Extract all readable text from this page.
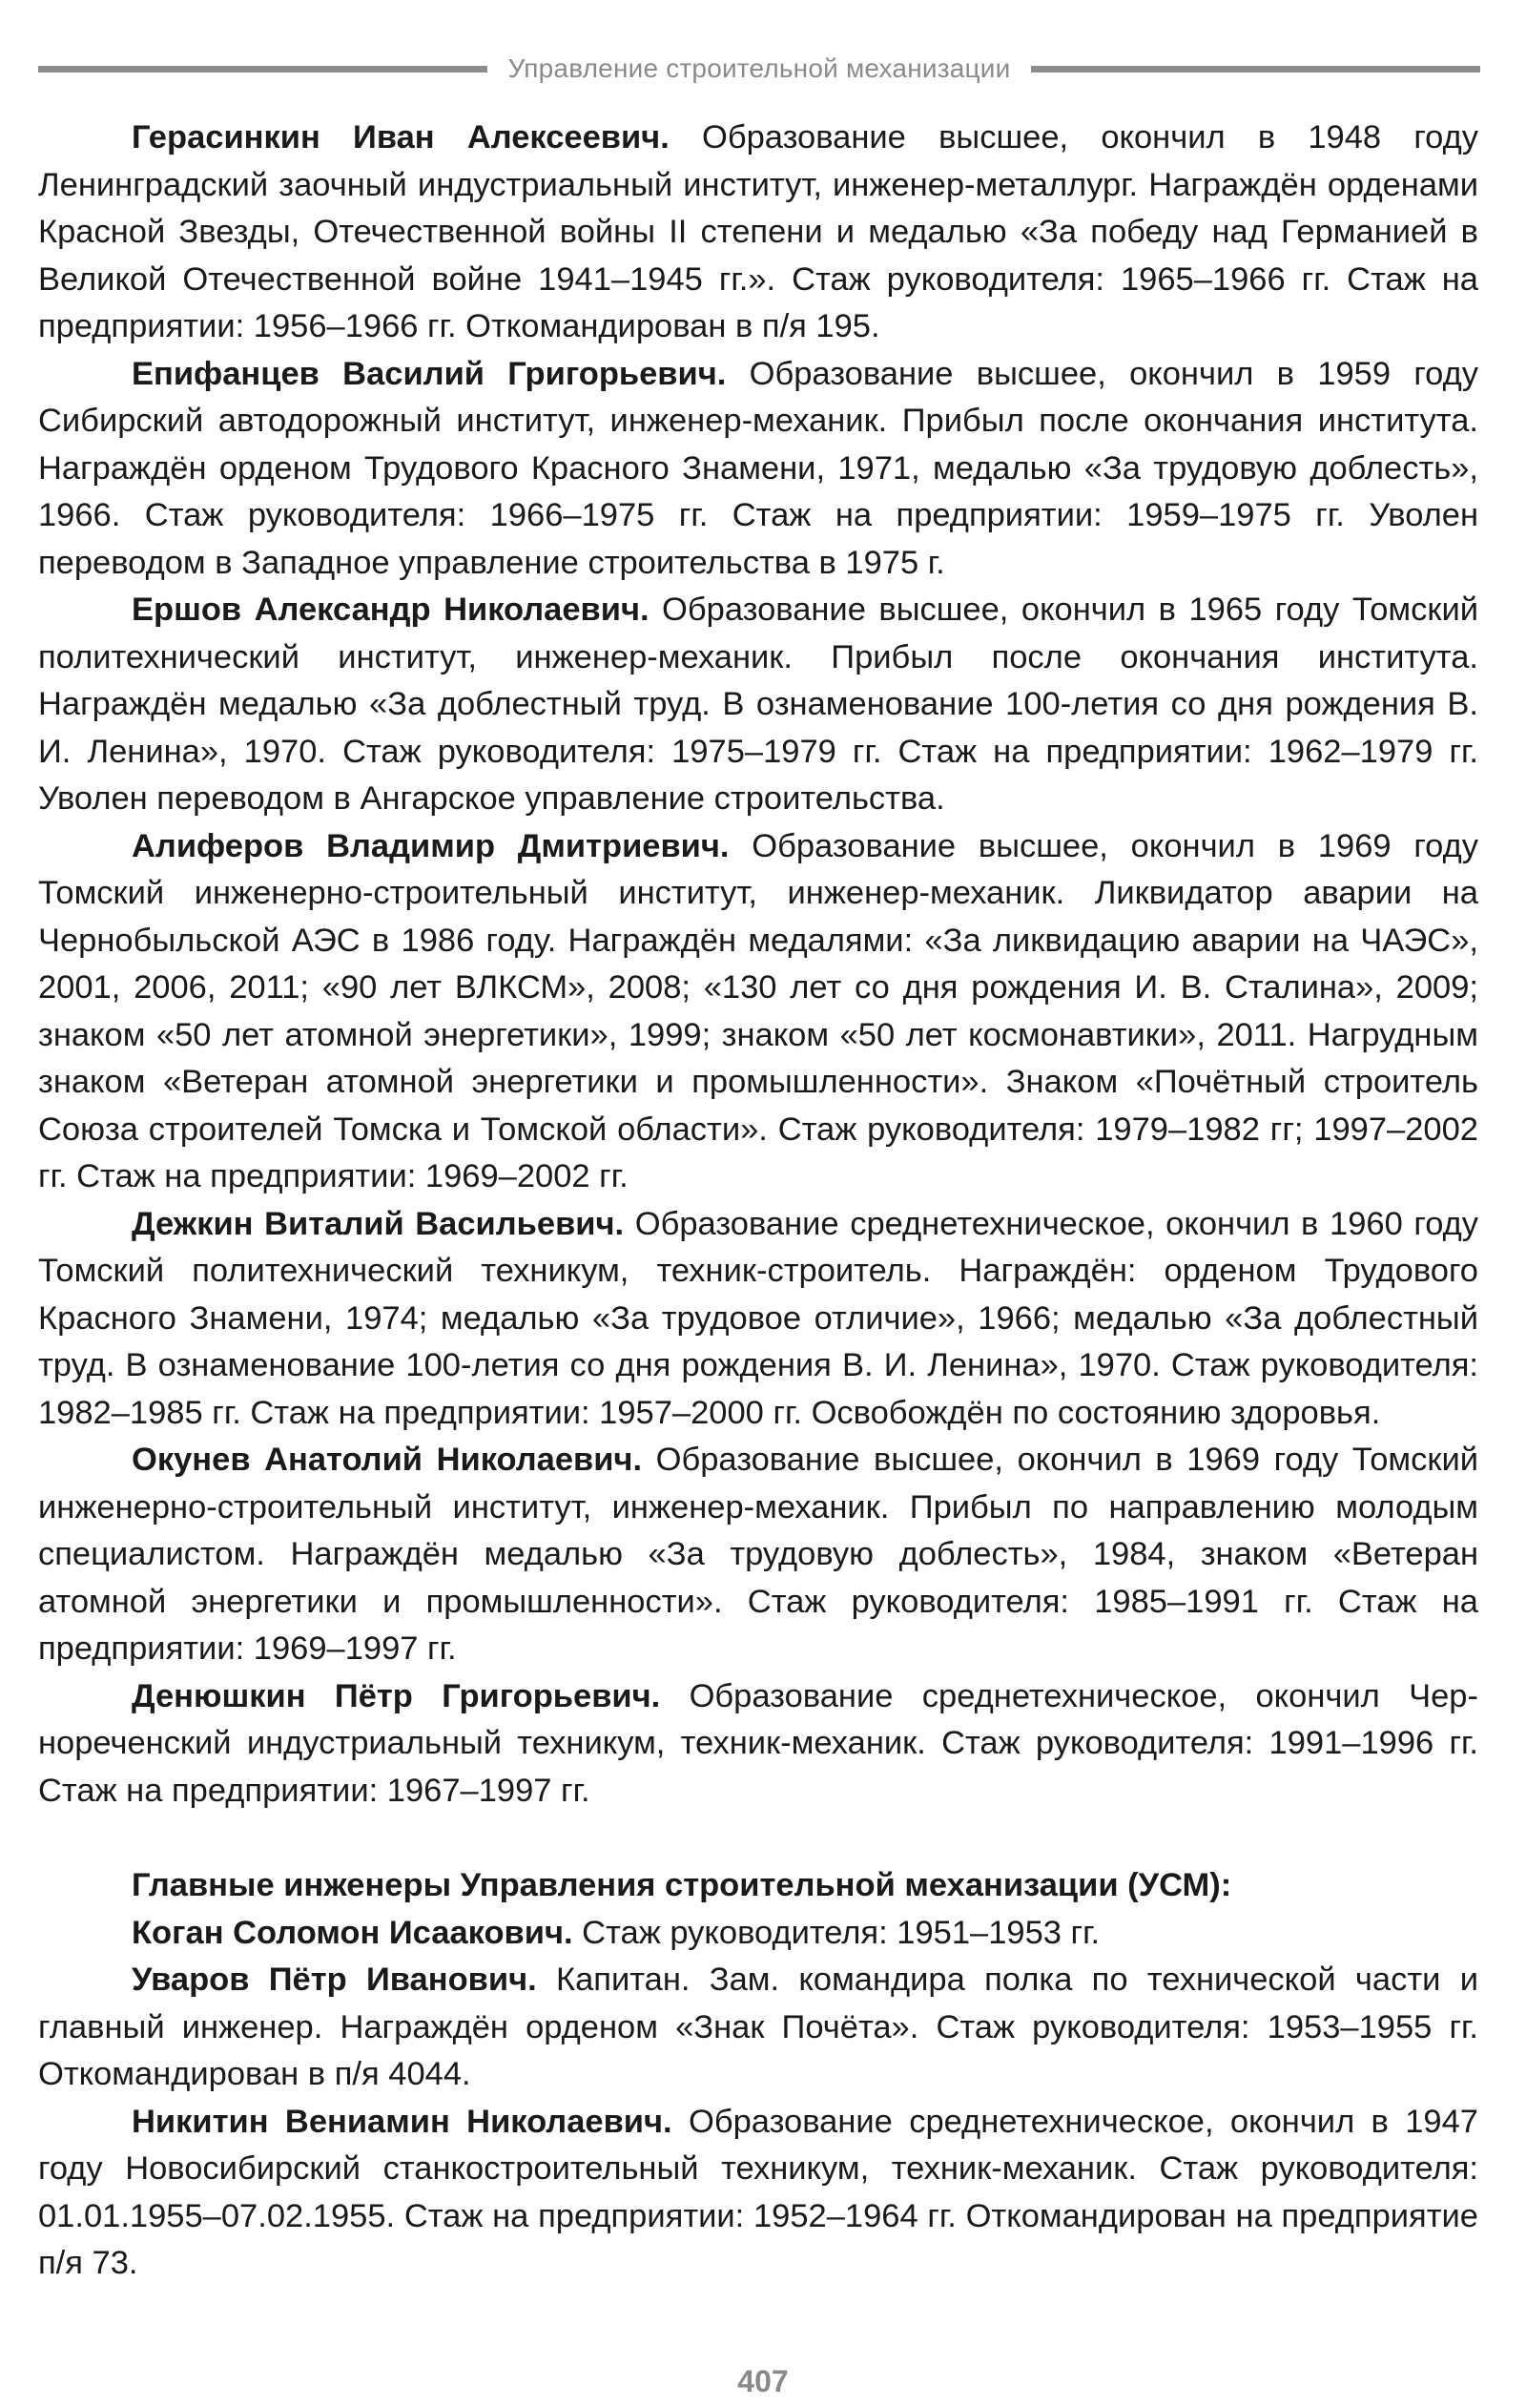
Управление строительной механизации

Герасинкин Иван Алексеевич. Образование высшее, окончил в 1948 году Ленинградский заочный индустриальный институт, инженер-металлург. Награждён орденами Красной Звезды, Отечественной войны II степени и медалью «За победу над Германией в Великой Отечественной войне 1941–1945 гг.». Стаж руководителя: 1965–1966 гг. Стаж на предприятии: 1956–1966 гг. Откомандирован в п/я 195.

Епифанцев Василий Григорьевич. Образование высшее, окончил в 1959 году Сибирский автодорожный институт, инженер-механик. Прибыл после окончания института. Награждён орденом Трудового Красного Знамени, 1971, медалью «За трудовую доблесть», 1966. Стаж руководителя: 1966–1975 гг. Стаж на предприятии: 1959–1975 гг. Уволен переводом в Западное управление строительства в 1975 г.

Ершов Александр Николаевич. Образование высшее, окончил в 1965 году Томский политехнический институт, инженер-механик. Прибыл после окончания института. Награждён медалью «За доблестный труд. В ознаменование 100-летия со дня рождения В. И. Ленина», 1970. Стаж руководителя: 1975–1979 гг. Стаж на предприятии: 1962–1979 гг. Уволен переводом в Ангарское управление строительства.

Алиферов Владимир Дмитриевич. Образование высшее, окончил в 1969 году Томский инженерно-строительный институт, инженер-механик. Ликвидатор аварии на Чернобыльской АЭС в 1986 году. Награждён медалями: «За ликвидацию аварии на ЧАЭС», 2001, 2006, 2011; «90 лет ВЛКСМ», 2008; «130 лет со дня рождения И. В. Сталина», 2009; знаком «50 лет атомной энергетики», 1999; знаком «50 лет космонавтики», 2011. Нагрудным знаком «Ветеран атомной энергетики и промышленности». Знаком «Почётный строитель Союза строителей Томска и Томской области». Стаж руководителя: 1979–1982 гг; 1997–2002 гг. Стаж на предприятии: 1969–2002 гг.

Дежкин Виталий Васильевич. Образование среднетехническое, окончил в 1960 году Томский политехнический техникум, техник-строитель. Награждён: орденом Трудового Красного Знамени, 1974; медалью «За трудовое отличие», 1966; медалью «За доблестный труд. В ознаменование 100-летия со дня рождения В. И. Ленина», 1970. Стаж руководителя: 1982–1985 гг. Стаж на предприятии: 1957–2000 гг. Освобождён по состоянию здоровья.

Окунев Анатолий Николаевич. Образование высшее, окончил в 1969 году Томский инженерно-строительный институт, инженер-механик. Прибыл по направлению молодым специалистом. Награждён медалью «За трудовую доблесть», 1984, знаком «Ветеран атомной энергетики и промышленности». Стаж руководителя: 1985–1991 гг. Стаж на предприятии: 1969–1997 гг.

Денюшкин Пётр Григорьевич. Образование среднетехническое, окончил Чернореченский индустриальный техникум, техник-механик. Стаж руководителя: 1991–1996 гг. Стаж на предприятии: 1967–1997 гг.

Главные инженеры Управления строительной механизации (УСМ):

Коган Соломон Исаакович. Стаж руководителя: 1951–1953 гг.

Уваров Пётр Иванович. Капитан. Зам. командира полка по технической части и главный инженер. Награждён орденом «Знак Почёта». Стаж руководителя: 1953–1955 гг. Откомандирован в п/я 4044.

Никитин Вениамин Николаевич. Образование среднетехническое, окончил в 1947 году Новосибирский станкостроительный техникум, техник-механик. Стаж руководителя: 01.01.1955–07.02.1955. Стаж на предприятии: 1952–1964 гг. Откомандирован на предприятие п/я 73.

407
